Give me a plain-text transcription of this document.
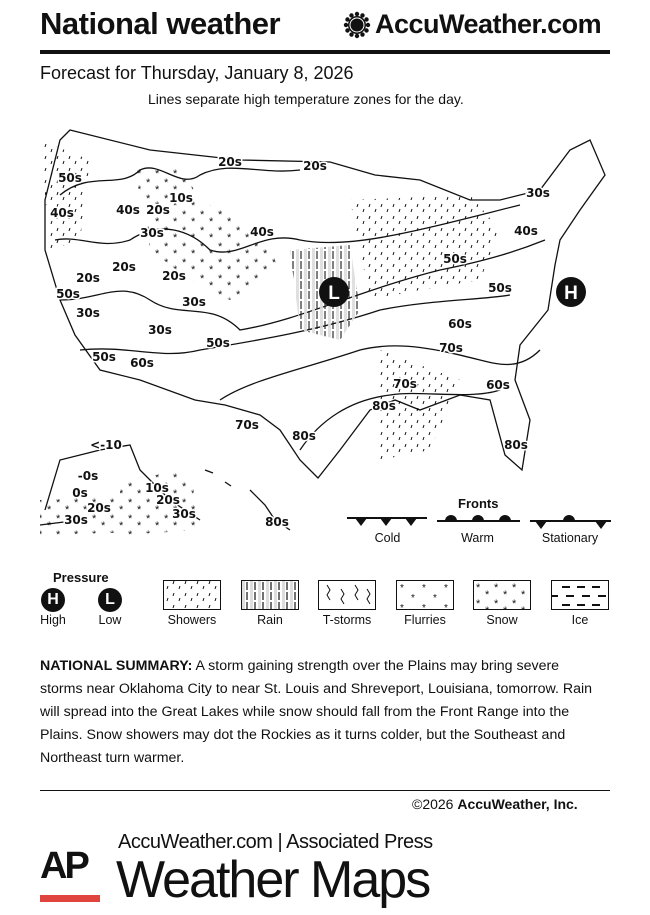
National weather	AccuWeather.com
Forecast for Thursday, January 8, 2026
Lines separate high temperature zones for the day.
50s
40s	40s 20s
10s
20s	20s
30s
30s	40s	40s
20s
20s
20s
50s
50s
50s
30s
30s
30s	60s
50s	70s
50s 60s
70s	60s
80s
70s
80s
80s
<-10
-0s
0s	10s
20s
20s	30s
30s	80s
L	H
Fronts
Cold	Warm	Stationary
Pressure
H	L
High	Low
* * *
* *
* * *
Showers	Rain	T-storms	Flurries	Snow	Ice
NATIONAL SUMMARY: A storm gaining strength over the Plains may bring severe storms near Oklahoma City to near St. Louis and Shreveport, Louisiana, tomorrow. Rain will spread into the Great Lakes while snow should fall from the Front Range into the Plains. Snow showers may dot the Rockies as it turns colder, but the Southeast and Northeast turn warmer.
©2026 AccuWeather, Inc.
AP
AccuWeather.com | Associated Press
Weather Maps
